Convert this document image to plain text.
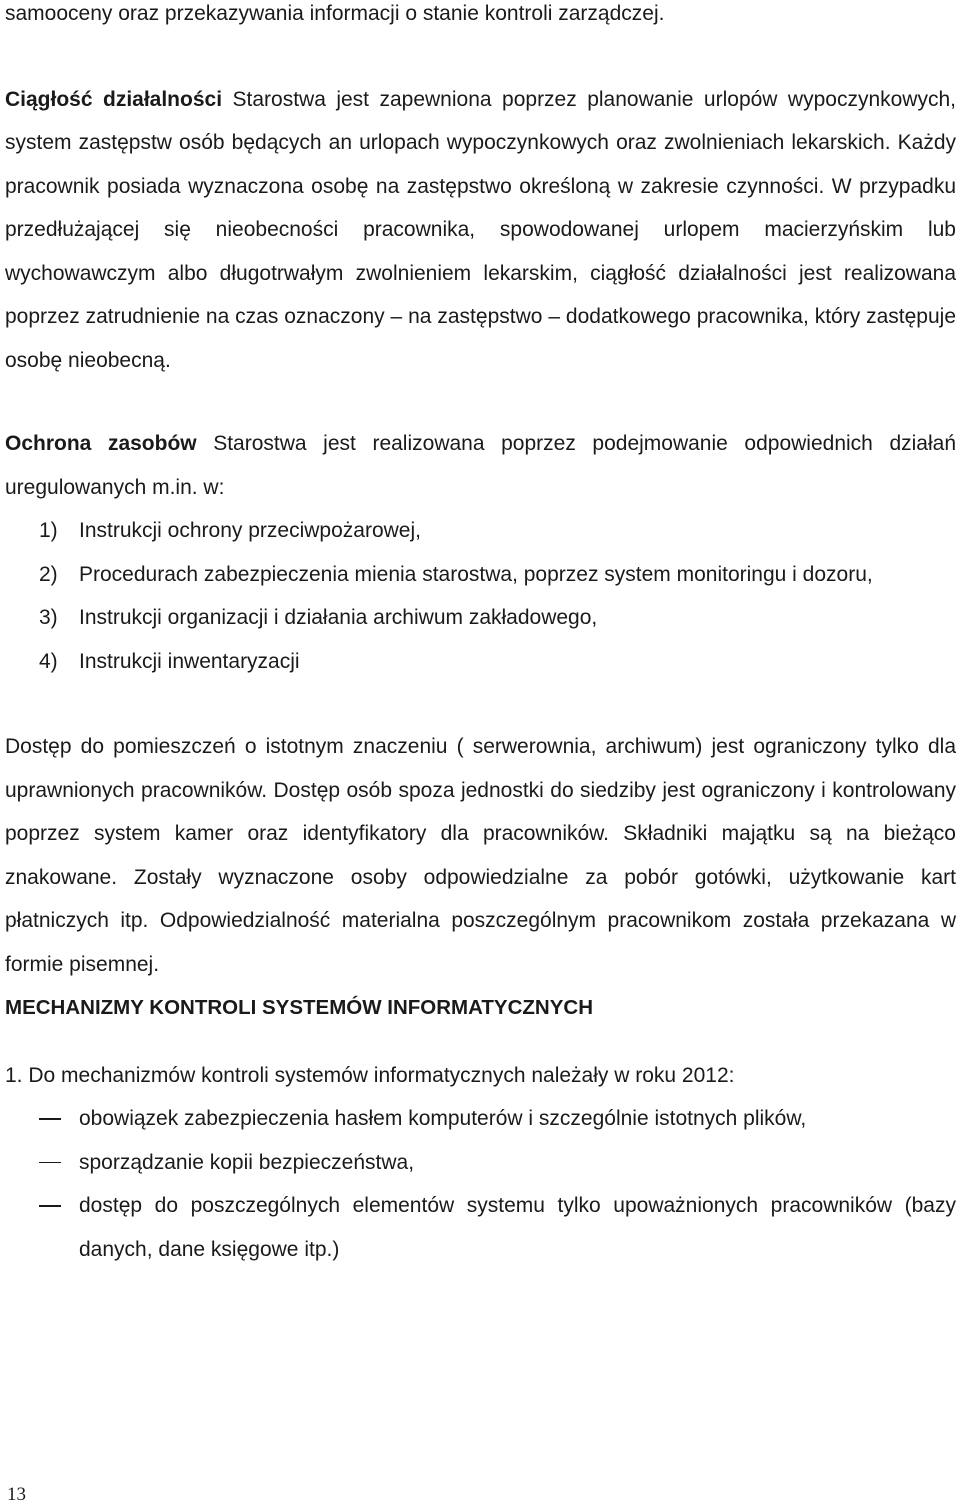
samooceny oraz przekazywania informacji o stanie kontroli zarządczej.

Ciągłość działalności Starostwa jest zapewniona poprzez planowanie urlopów wypoczynkowych, system zastępstw osób będących an urlopach wypoczynkowych oraz zwolnieniach lekarskich. Każdy pracownik posiada wyznaczona osobę na zastępstwo określoną w zakresie czynności. W przypadku przedłużającej się nieobecności pracownika, spowodowanej urlopem macierzyńskim lub wychowawczym albo długotrwałym zwolnieniem lekarskim, ciągłość działalności jest realizowana poprzez zatrudnienie na czas oznaczony – na zastępstwo – dodatkowego pracownika, który zastępuje osobę nieobecną.

Ochrona zasobów Starostwa jest realizowana poprzez podejmowanie odpowiednich działań uregulowanych m.in. w:

1) Instrukcji ochrony przeciwpożarowej,
2) Procedurach zabezpieczenia mienia starostwa, poprzez system monitoringu i dozoru,
3) Instrukcji organizacji i działania archiwum zakładowego,
4) Instrukcji inwentaryzacji

Dostęp do pomieszczeń o istotnym znaczeniu ( serwerownia, archiwum) jest ograniczony tylko dla uprawnionych pracowników. Dostęp osób spoza jednostki do siedziby jest ograniczony i kontrolowany poprzez system kamer oraz identyfikatory dla pracowników. Składniki majątku są na bieżąco znakowane. Zostały wyznaczone osoby odpowiedzialne za pobór gotówki, użytkowanie kart płatniczych itp. Odpowiedzialność materialna poszczególnym pracownikom została przekazana w formie pisemnej.

MECHANIZMY KONTROLI SYSTEMÓW INFORMATYCZNYCH

1. Do mechanizmów kontroli systemów informatycznych należały w roku 2012:

obowiązek zabezpieczenia hasłem komputerów i szczególnie istotnych plików,
sporządzanie kopii bezpieczeństwa,
dostęp do poszczególnych elementów systemu tylko upoważnionych pracowników (bazy danych, dane księgowe itp.)
13
